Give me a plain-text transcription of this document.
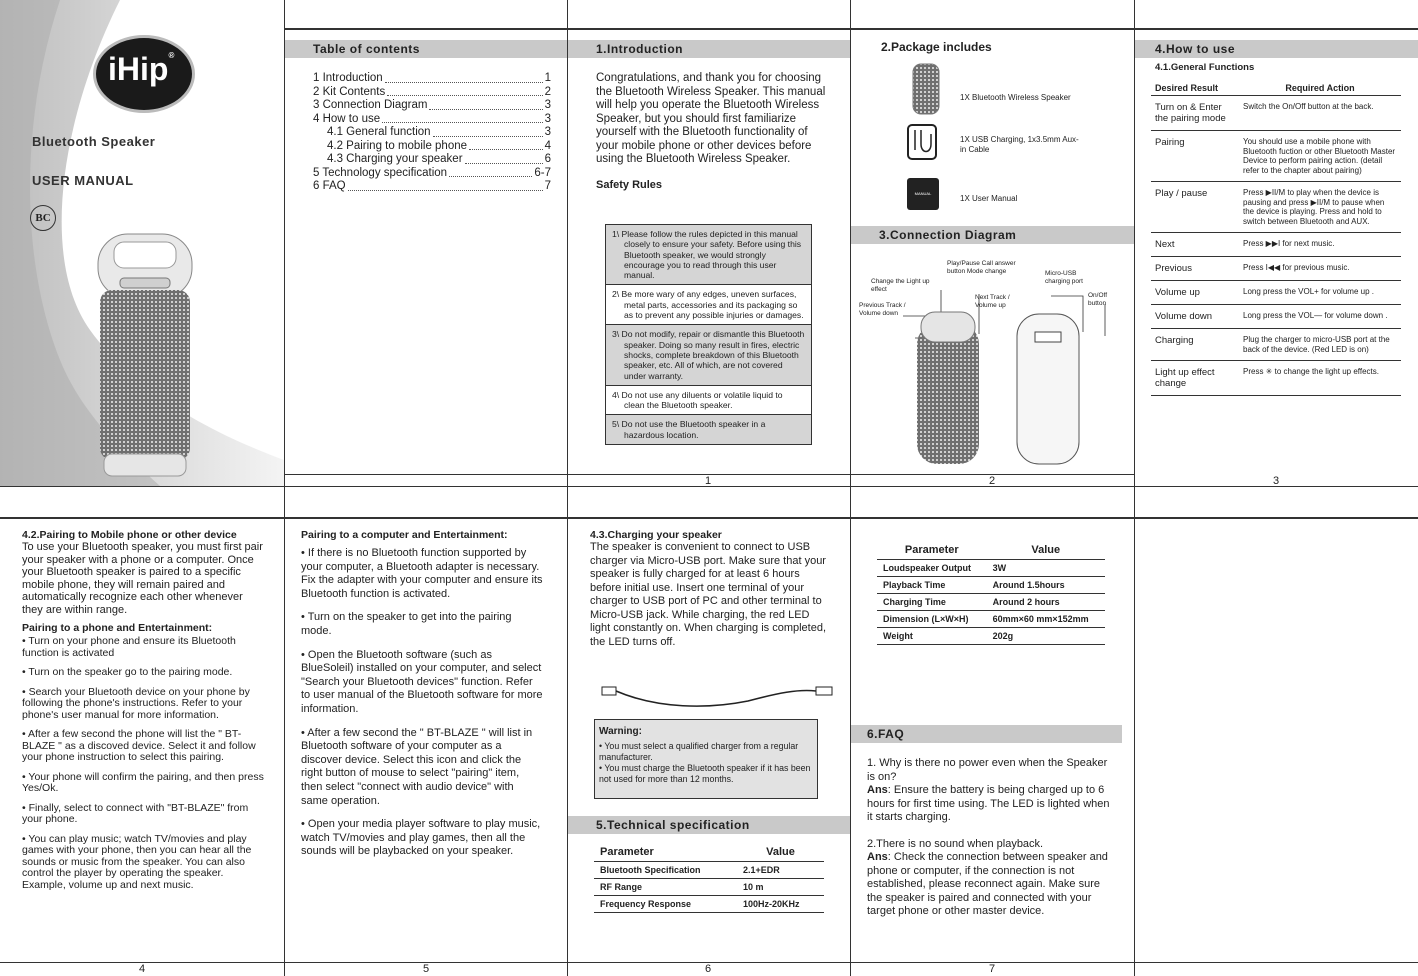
iHip®
Bluetooth Speaker
USER MANUAL
BC
Table of contents
1 Introduction	1
2 Kit Contents	2
3 Connection Diagram	3
4 How to use	3
4.1 General function	3
4.2 Pairing to mobile phone	4
4.3 Charging your speaker	6
5 Technology specification	6-7
6 FAQ	7
1.Introduction
Congratulations, and thank you for choosing the Bluetooth Wireless Speaker. This manual will help you operate the Bluetooth Wireless Speaker, but you should first familiarize yourself with the Bluetooth functionality of your mobile phone or other devices before using the Bluetooth Wireless Speaker.
Safety Rules
1\ Please follow the rules depicted in this manual closely to ensure your safety. Before using this Bluetooth speaker, we would strongly encourage you to read through this user manual.
2\ Be more wary of any edges, uneven surfaces, metal parts, accessories and its packaging so as to prevent any possible injuries or damages.
3\ Do not modify, repair or dismantle this Bluetooth speaker. Doing so many result in fires, electric shocks, complete breakdown of this Bluetooth speaker, etc. All of which, are not covered under warranty.
4\ Do not use any diluents or volatile liquid to clean the Bluetooth speaker.
5\ Do not use the Bluetooth speaker in a hazardous location.
2.Package includes
1X Bluetooth Wireless Speaker
1X USB Charging, 1x3.5mm Aux-in Cable
MANUAL
1X User Manual
3.Connection Diagram
Play/Pause Call answer button Mode change
Change the Light up effect
Micro-USB charging port
Previous Track / Volume down
Next Track / Volume up
On/Off button
4.How to use
4.1.General Functions
Desired Result	Required Action
Turn on & Enter the pairing mode	Switch the On/Off button at the back.
Pairing	You should use a mobile phone with Bluetooth fuction or other Bluetooth Master Device to perform pairing action. (detail refer to the chapter about pairing)
Play / pause	Press ▶II/M to play when the device is pausing and press ▶II/M to pause when the device is playing. Press and hold to switch between Bluetooth and AUX.
Next	Press ▶▶I for next music.
Previous	Press I◀◀ for previous music.
Volume up	Long press the VOL+ for volume up .
Volume down	Long press the VOL— for volume down .
Charging	Plug the charger to micro-USB port at the back of the device. (Red LED is on)
Light up effect change	Press ✳ to change the light up effects.
4.2.Pairing to Mobile phone or other device
To use your Bluetooth speaker, you must first pair your speaker with a phone or a computer. Once your Bluetooth speaker is paired to a specific mobile phone, they will remain paired and automatically recognize each other whenever they are within range.
Pairing to a phone and Entertainment:
• Turn on your phone and ensure its Bluetooth function is activated
• Turn on the speaker go to the pairing mode.
• Search your Bluetooth device on your phone by following the phone's instructions. Refer to your phone's user manual for more information.
• After a few second the phone will list the " BT-BLAZE " as a discoved device. Select it and follow your phone instruction to select this pairing.
• Your phone will confirm the pairing, and then press Yes/Ok.
• Finally, select to connect with "BT-BLAZE" from your phone.
• You can play music; watch TV/movies and play games with your phone, then you can hear all the sounds or music from the speaker. You can also control the player by operating the speaker. Example, volume up and next music.
Pairing to a computer and Entertainment:
• If there is no Bluetooth function supported by your computer, a Bluetooth adapter is necessary. Fix the adapter with your computer and ensure its Bluetooth function is activated.
• Turn on the speaker to get into the pairing mode.
• Open the Bluetooth software (such as BlueSoleil) installed on your computer, and select "Search your Bluetooth devices" function. Refer to user manual of the Bluetooth software for more information.
• After a few second the " BT-BLAZE " will list in Bluetooth software of your computer as a discover device. Select this icon and click the right button of mouse to select "pairing" item, then select "connect with audio device" with same operation.
• Open your media player software to play music, watch TV/movies and play games, then all the sounds will be playbacked on your speaker.
4.3.Charging your speaker
The speaker is convenient to connect to USB charger via Micro-USB port. Make sure that your speaker is fully charged for at least 6 hours before initial use. Insert one terminal of your charger to USB port of PC and other terminal to Micro-USB jack. While charging, the red LED light constantly on. When charging is completed, the LED turns off.
Warning:
• You must select a qualified charger from a regular manufacturer.
• You must charge the Bluetooth speaker if it has been not used for more than 12 months.
5.Technical specification
Parameter	Value
Bluetooth Specification	2.1+EDR
RF Range	10 m
Frequency Response	100Hz-20KHz
Parameter	Value
Loudspeaker Output	3W
Playback Time	Around 1.5hours
Charging Time	Around 2 hours
Dimension (L×W×H)	60mm×60 mm×152mm
Weight	202g
6.FAQ
1. Why is there no power even when the Speaker is on?
Ans: Ensure the battery is being charged up to 6 hours for first time using. The LED is lighted when it starts charging.
2.There is no sound when playback.
Ans: Check the connection between speaker and phone or computer, if the connection is not established, please reconnect again. Make sure the speaker is paired and connected with your target phone or other master device.
1	2	3
4	5	6	7
